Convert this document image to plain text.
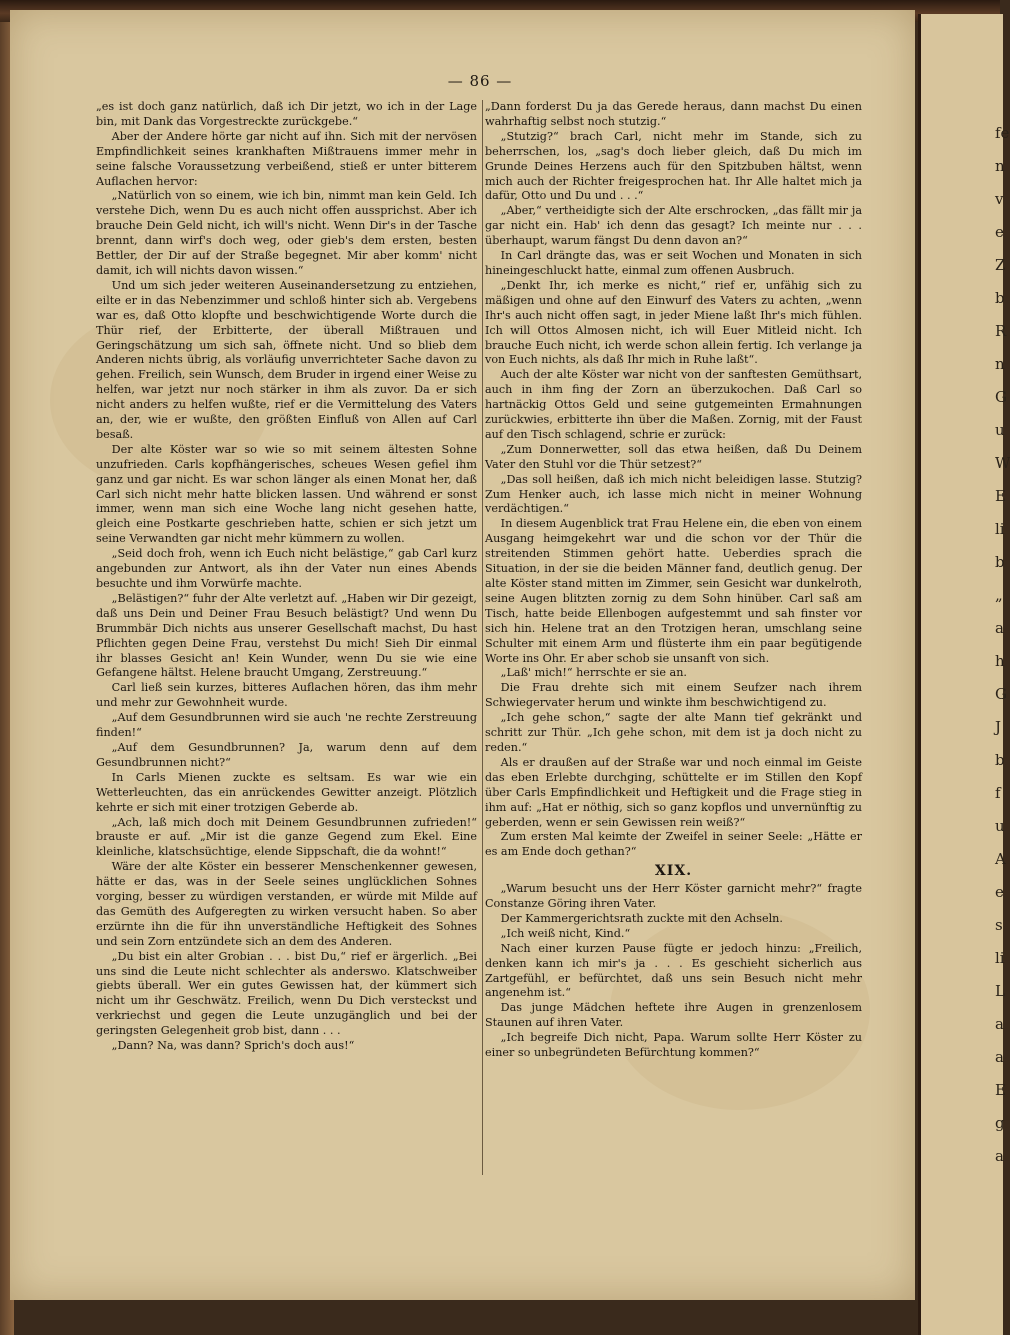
— 86 —

„es ist doch ganz natürlich, daß ich Dir jetzt, wo ich in der Lage bin, mit Dank das Vorgestreckte zurückgebe.“

Aber der Andere hörte gar nicht auf ihn. Sich mit der nervösen Empfindlichkeit seines krankhaften Mißtrauens immer mehr in seine falsche Voraussetzung verbeißend, stieß er unter bitterem Auflachen hervor:

„Natürlich von so einem, wie ich bin, nimmt man kein Geld. Ich verstehe Dich, wenn Du es auch nicht offen aussprichst. Aber ich brauche Dein Geld nicht, ich will's nicht. Wenn Dir's in der Tasche brennt, dann wirf's doch weg, oder gieb's dem ersten, besten Bettler, der Dir auf der Straße begegnet. Mir aber komm' nicht damit, ich will nichts davon wissen.“

Und um sich jeder weiteren Auseinandersetzung zu entziehen, eilte er in das Nebenzimmer und schloß hinter sich ab. Vergebens war es, daß Otto klopfte und beschwichtigende Worte durch die Thür rief, der Erbitterte, der überall Mißtrauen und Geringschätzung um sich sah, öffnete nicht. Und so blieb dem Anderen nichts übrig, als vorläufig unverrichteter Sache davon zu gehen. Freilich, sein Wunsch, dem Bruder in irgend einer Weise zu helfen, war jetzt nur noch stärker in ihm als zuvor. Da er sich nicht anders zu helfen wußte, rief er die Vermittelung des Vaters an, der, wie er wußte, den größten Einfluß von Allen auf Carl besaß.

Der alte Köster war so wie so mit seinem ältesten Sohne unzufrieden. Carls kopfhängerisches, scheues Wesen gefiel ihm ganz und gar nicht. Es war schon länger als einen Monat her, daß Carl sich nicht mehr hatte blicken lassen. Und während er sonst immer, wenn man sich eine Woche lang nicht gesehen hatte, gleich eine Postkarte geschrieben hatte, schien er sich jetzt um seine Verwandten gar nicht mehr kümmern zu wollen.

„Seid doch froh, wenn ich Euch nicht belästige,“ gab Carl kurz angebunden zur Antwort, als ihn der Vater nun eines Abends besuchte und ihm Vorwürfe machte.

„Belästigen?“ fuhr der Alte verletzt auf. „Haben wir Dir gezeigt, daß uns Dein und Deiner Frau Besuch belästigt? Und wenn Du Brummbär Dich nichts aus unserer Gesellschaft machst, Du hast Pflichten gegen Deine Frau, verstehst Du mich! Sieh Dir einmal ihr blasses Gesicht an! Kein Wunder, wenn Du sie wie eine Gefangene hältst. Helene braucht Umgang, Zerstreuung.“

Carl ließ sein kurzes, bitteres Auflachen hören, das ihm mehr und mehr zur Gewohnheit wurde.

„Auf dem Gesundbrunnen wird sie auch 'ne rechte Zerstreuung finden!“

„Auf dem Gesundbrunnen? Ja, warum denn auf dem Gesundbrunnen nicht?“

In Carls Mienen zuckte es seltsam. Es war wie ein Wetterleuchten, das ein anrückendes Gewitter anzeigt. Plötzlich kehrte er sich mit einer trotzigen Geberde ab.

„Ach, laß mich doch mit Deinem Gesundbrunnen zufrieden!“ brauste er auf. „Mir ist die ganze Gegend zum Ekel. Eine kleinliche, klatschsüchtige, elende Sippschaft, die da wohnt!“

Wäre der alte Köster ein besserer Menschenkenner gewesen, hätte er das, was in der Seele seines unglücklichen Sohnes vorging, besser zu würdigen verstanden, er würde mit Milde auf das Gemüth des Aufgeregten zu wirken versucht haben. So aber erzürnte ihn die für ihn unverständliche Heftigkeit des Sohnes und sein Zorn entzündete sich an dem des Anderen.

„Du bist ein alter Grobian . . . bist Du,“ rief er ärgerlich. „Bei uns sind die Leute nicht schlechter als anderswo. Klatschweiber giebts überall. Wer ein gutes Gewissen hat, der kümmert sich nicht um ihr Geschwätz. Freilich, wenn Du Dich versteckst und verkriechst und gegen die Leute unzugänglich und bei der geringsten Gelegenheit grob bist, dann . . .

„Dann? Na, was dann? Sprich's doch aus!“

„Dann forderst Du ja das Gerede heraus, dann machst Du einen wahrhaftig selbst noch stutzig.“

„Stutzig?“ brach Carl, nicht mehr im Stande, sich zu beherrschen, los, „sag's doch lieber gleich, daß Du mich im Grunde Deines Herzens auch für den Spitzbuben hältst, wenn mich auch der Richter freigesprochen hat. Ihr Alle haltet mich ja dafür, Otto und Du und . . .“

„Aber,“ vertheidigte sich der Alte erschrocken, „das fällt mir ja gar nicht ein. Hab' ich denn das gesagt? Ich meinte nur . . . überhaupt, warum fängst Du denn davon an?“

In Carl drängte das, was er seit Wochen und Monaten in sich hineingeschluckt hatte, einmal zum offenen Ausbruch.

„Denkt Ihr, ich merke es nicht,“ rief er, unfähig sich zu mäßigen und ohne auf den Einwurf des Vaters zu achten, „wenn Ihr's auch nicht offen sagt, in jeder Miene laßt Ihr's mich fühlen. Ich will Ottos Almosen nicht, ich will Euer Mitleid nicht. Ich brauche Euch nicht, ich werde schon allein fertig. Ich verlange ja von Euch nichts, als daß Ihr mich in Ruhe laßt“.

Auch der alte Köster war nicht von der sanftesten Gemüthsart, auch in ihm fing der Zorn an überzukochen. Daß Carl so hartnäckig Ottos Geld und seine gutgemeinten Ermahnungen zurückwies, erbitterte ihn über die Maßen. Zornig, mit der Faust auf den Tisch schlagend, schrie er zurück:

„Zum Donnerwetter, soll das etwa heißen, daß Du Deinem Vater den Stuhl vor die Thür setzest?“

„Das soll heißen, daß ich mich nicht beleidigen lasse. Stutzig? Zum Henker auch, ich lasse mich nicht in meiner Wohnung verdächtigen.“

In diesem Augenblick trat Frau Helene ein, die eben von einem Ausgang heimgekehrt war und die schon vor der Thür die streitenden Stimmen gehört hatte. Ueberdies sprach die Situation, in der sie die beiden Männer fand, deutlich genug. Der alte Köster stand mitten im Zimmer, sein Gesicht war dunkelroth, seine Augen blitzten zornig zu dem Sohn hinüber. Carl saß am Tisch, hatte beide Ellenbogen aufgestemmt und sah finster vor sich hin. Helene trat an den Trotzigen heran, umschlang seine Schulter mit einem Arm und flüsterte ihm ein paar begütigende Worte ins Ohr. Er aber schob sie unsanft von sich.

„Laß' mich!“ herrschte er sie an.

Die Frau drehte sich mit einem Seufzer nach ihrem Schwiegervater herum und winkte ihm beschwichtigend zu.

„Ich gehe schon,“ sagte der alte Mann tief gekränkt und schritt zur Thür. „Ich gehe schon, mit dem ist ja doch nicht zu reden.“

Als er draußen auf der Straße war und noch einmal im Geiste das eben Erlebte durchging, schüttelte er im Stillen den Kopf über Carls Empfindlichkeit und Heftigkeit und die Frage stieg in ihm auf: „Hat er nöthig, sich so ganz kopflos und unvernünftig zu geberden, wenn er sein Gewissen rein weiß?“

Zum ersten Mal keimte der Zweifel in seiner Seele: „Hätte er es am Ende doch gethan?“

XIX.

„Warum besucht uns der Herr Köster garnicht mehr?“ fragte Constanze Göring ihren Vater.

Der Kammergerichtsrath zuckte mit den Achseln.

„Ich weiß nicht, Kind.“

Nach einer kurzen Pause fügte er jedoch hinzu: „Freilich, denken kann ich mir's ja . . . Es geschieht sicherlich aus Zartgefühl, er befürchtet, daß uns sein Besuch nicht mehr angenehm ist.“

Das junge Mädchen heftete ihre Augen in grenzenlosem Staunen auf ihren Vater.

„Ich begreife Dich nicht, Papa. Warum sollte Herr Köster zu einer so unbegründeten Befürchtung kommen?“

fe
n
v
e
Z
b
R
n
G
u
W
E
li
b
„
a
h
G
J
b
f
u
A
e
s
li
L
a
a
E
g
a
